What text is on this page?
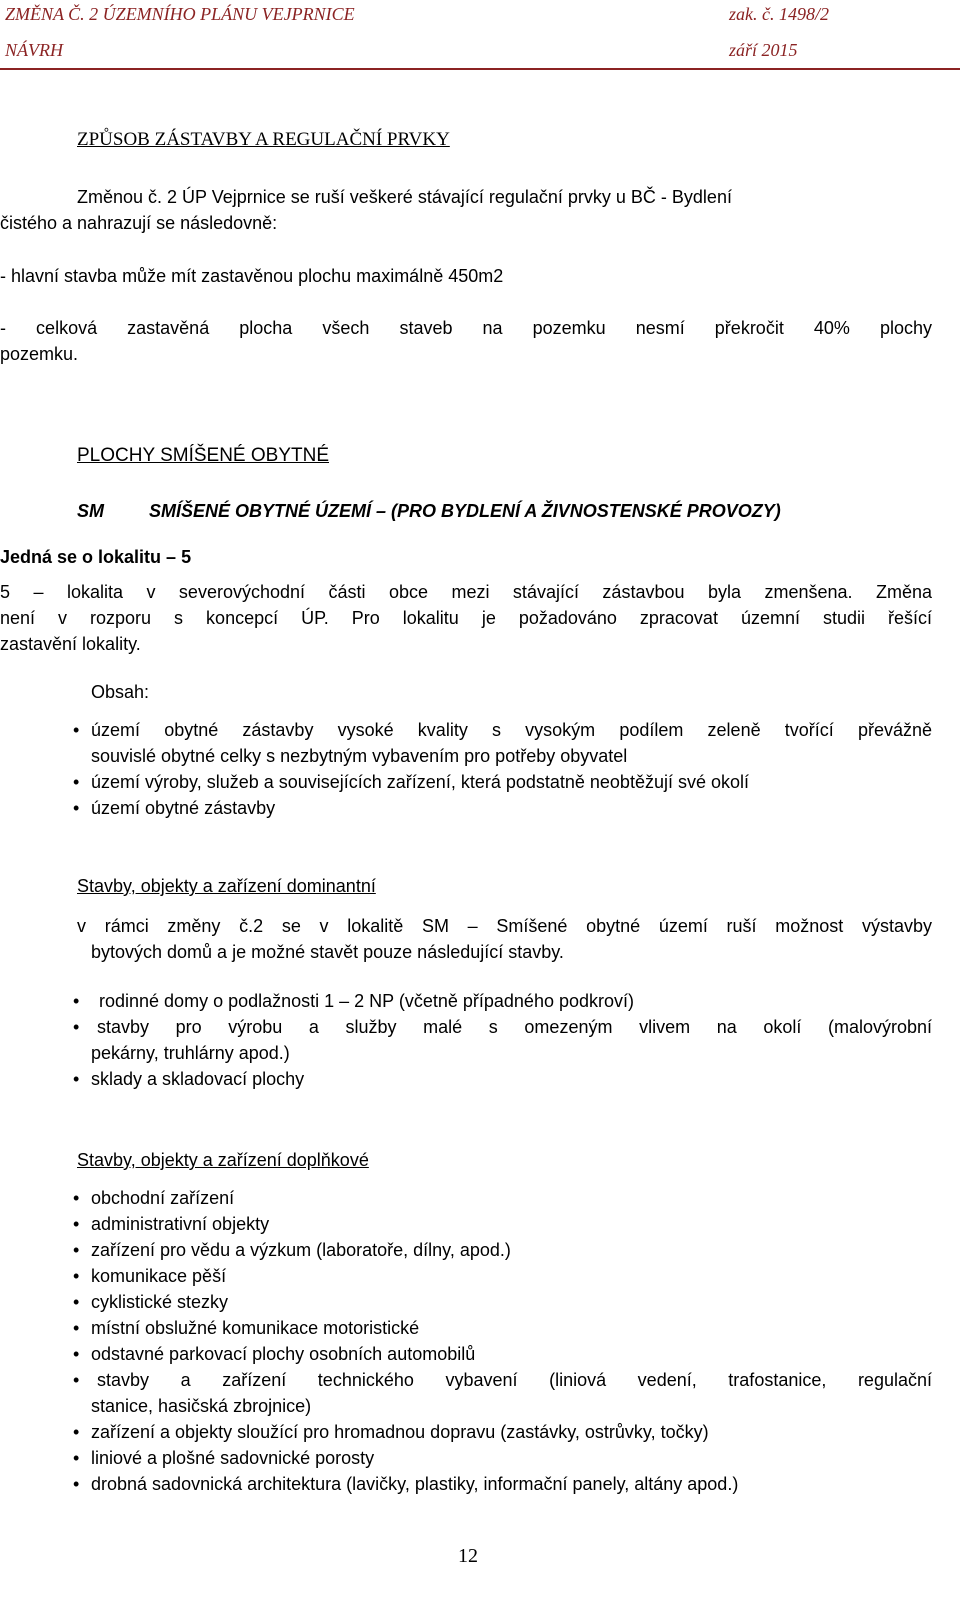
ZMĚNA Č. 2 ÚZEMNÍHO PLÁNU VEJPRNICE	zak. č. 1498/2
NÁVRH	září 2015
ZPŮSOB ZÁSTAVBY A REGULAČNÍ PRVKY
Změnou č. 2 ÚP Vejprnice se ruší veškeré stávající regulační prvky u BČ - Bydlení
čistého a nahrazují se následovně:
- hlavní stavba může mít zastavěnou plochu maximálně 450m2
- celková zastavěná plocha všech staveb na pozemku nesmí překročit 40% plochy
pozemku.
PLOCHY SMÍŠENÉ OBYTNÉ
SM	SMÍŠENÉ OBYTNÉ ÚZEMÍ – (PRO BYDLENÍ A ŽIVNOSTENSKÉ PROVOZY)
Jedná se o lokalitu – 5
5 – lokalita v severovýchodní části obce mezi stávající zástavbou byla zmenšena. Změna
není v rozporu s koncepcí ÚP. Pro lokalitu je požadováno zpracovat územní studii řešící
zastavění lokality.
Obsah:
• území obytné zástavby vysoké kvality s vysokým podílem zeleně tvořící převážně
souvislé obytné celky s nezbytným vybavením pro potřeby obyvatel
• území výroby, služeb a souvisejících zařízení, která podstatně neobtěžují své okolí
• území obytné zástavby
Stavby, objekty a zařízení dominantní
v rámci změny č.2 se v lokalitě SM – Smíšené obytné území ruší možnost výstavby
bytových domů a je možné stavět pouze následující stavby.
• rodinné domy o podlažnosti 1 – 2 NP (včetně případného podkroví)
• stavby pro výrobu a služby malé s omezeným vlivem na okolí (malovýrobní
pekárny, truhlárny apod.)
• sklady a skladovací plochy
Stavby, objekty a zařízení doplňkové
• obchodní zařízení
• administrativní objekty
• zařízení pro vědu a výzkum (laboratoře, dílny, apod.)
• komunikace pěší
• cyklistické stezky
• místní obslužné komunikace motoristické
• odstavné parkovací plochy osobních automobilů
• stavby a zařízení technického vybavení (liniová vedení, trafostanice, regulační
stanice, hasičská zbrojnice)
• zařízení a objekty sloužící pro hromadnou dopravu (zastávky, ostrůvky, točky)
• liniové a plošné sadovnické porosty
• drobná sadovnická architektura (lavičky, plastiky, informační panely, altány apod.)
12
